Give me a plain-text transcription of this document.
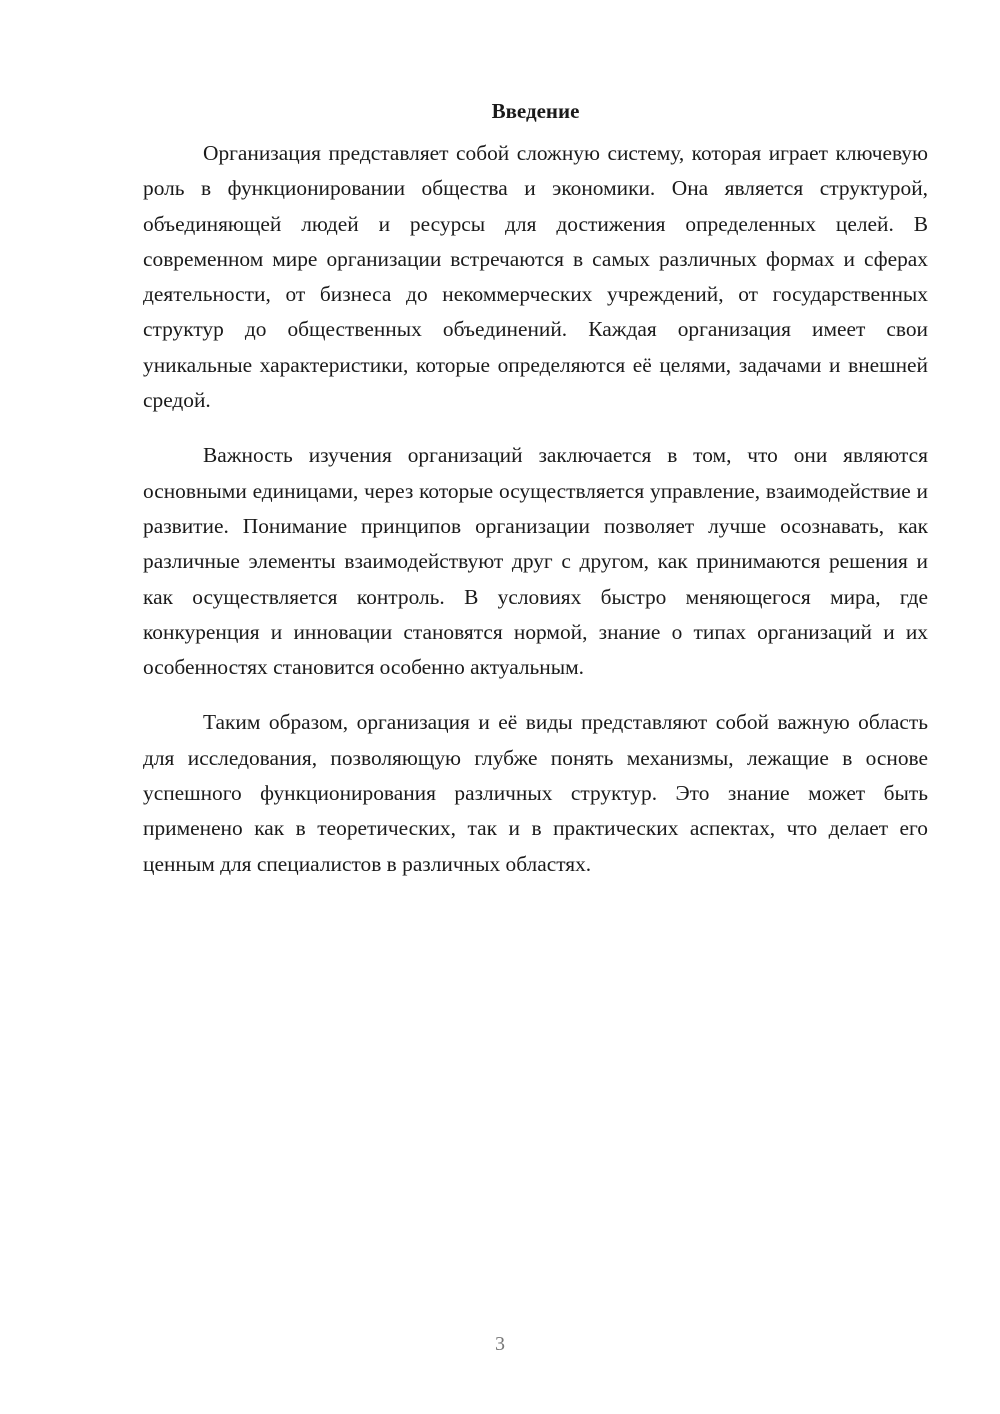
Введение

Организация представляет собой сложную систему, которая играет ключевую роль в функционировании общества и экономики. Она является структурой, объединяющей людей и ресурсы для достижения определенных целей. В современном мире организации встречаются в самых различных формах и сферах деятельности, от бизнеса до некоммерческих учреждений, от государственных структур до общественных объединений. Каждая организация имеет свои уникальные характеристики, которые определяются её целями, задачами и внешней средой.

Важность изучения организаций заключается в том, что они являются основными единицами, через которые осуществляется управление, взаимодействие и развитие. Понимание принципов организации позволяет лучше осознавать, как различные элементы взаимодействуют друг с другом, как принимаются решения и как осуществляется контроль. В условиях быстро меняющегося мира, где конкуренция и инновации становятся нормой, знание о типах организаций и их особенностях становится особенно актуальным.

Таким образом, организация и её виды представляют собой важную область для исследования, позволяющую глубже понять механизмы, лежащие в основе успешного функционирования различных структур. Это знание может быть применено как в теоретических, так и в практических аспектах, что делает его ценным для специалистов в различных областях.

3
